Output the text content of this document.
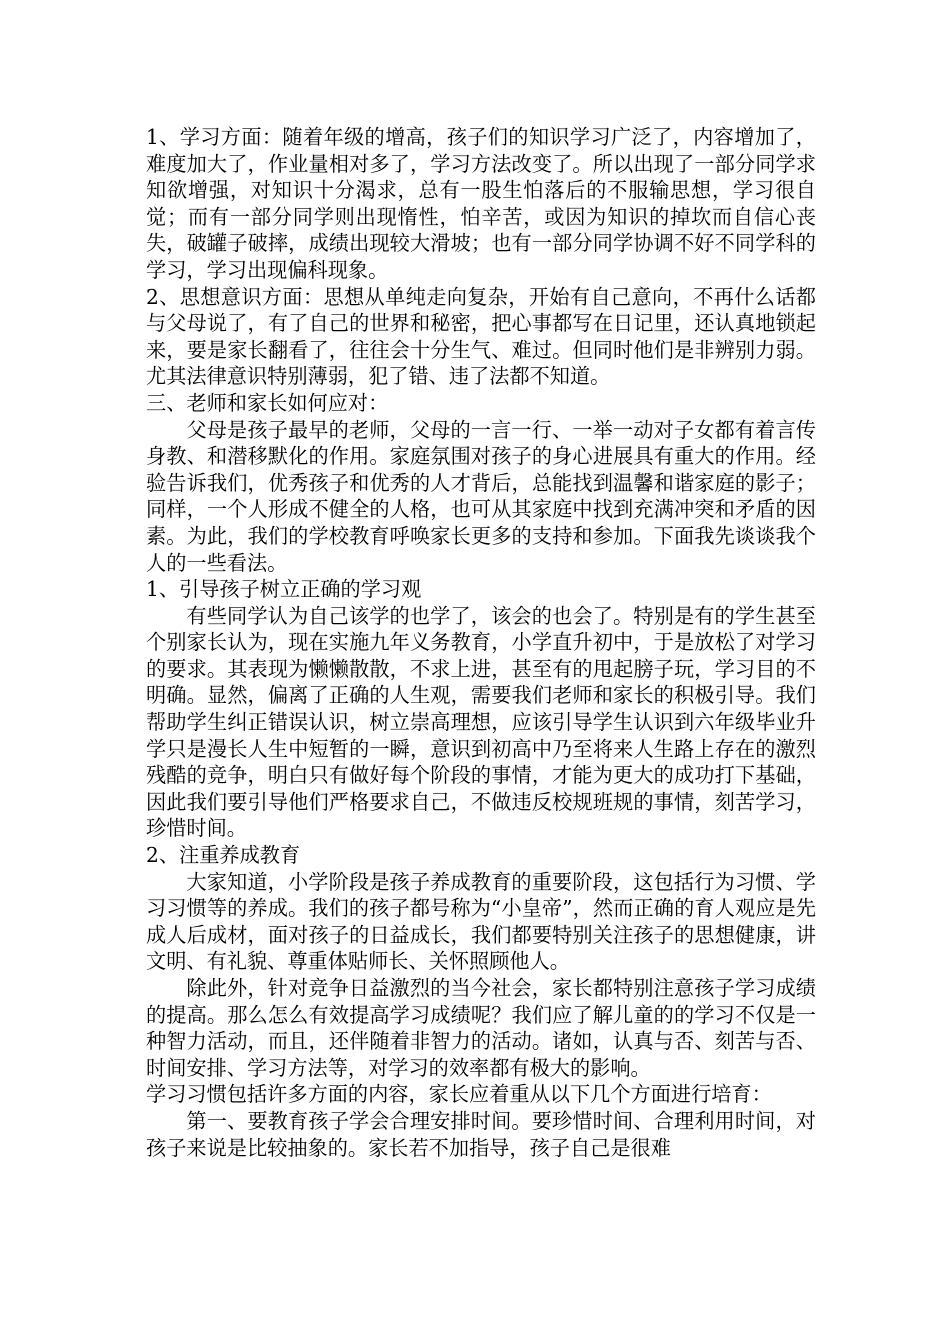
1、学习方面：随着年级的增高，孩子们的知识学习广泛了，内容增加了，难度加大了，作业量相对多了，学习方法改变了。所以出现了一部分同学求知欲增强，对知识十分渴求，总有一股生怕落后的不服输思想，学习很自觉；而有一部分同学则出现惰性，怕辛苦，或因为知识的掉坎而自信心丧失，破罐子破摔，成绩出现较大滑坡；也有一部分同学协调不好不同学科的学习，学习出现偏科现象。

2、思想意识方面：思想从单纯走向复杂，开始有自己意向，不再什么话都与父母说了，有了自己的世界和秘密，把心事都写在日记里，还认真地锁起来，要是家长翻看了，往往会十分生气、难过。但同时他们是非辨别力弱。尤其法律意识特别薄弱，犯了错、违了法都不知道。

三、老师和家长如何应对：

父母是孩子最早的老师，父母的一言一行、一举一动对子女都有着言传身教、和潜移默化的作用。家庭氛围对孩子的身心进展具有重大的作用。经验告诉我们，优秀孩子和优秀的人才背后，总能找到温馨和谐家庭的影子；同样，一个人形成不健全的人格，也可从其家庭中找到充满冲突和矛盾的因素。为此，我们的学校教育呼唤家长更多的支持和参加。下面我先谈谈我个人的一些看法。

1、引导孩子树立正确的学习观

有些同学认为自己该学的也学了，该会的也会了。特别是有的学生甚至个别家长认为，现在实施九年义务教育，小学直升初中，于是放松了对学习的要求。其表现为懒懒散散，不求上进，甚至有的甩起膀子玩，学习目的不明确。显然，偏离了正确的人生观，需要我们老师和家长的积极引导。我们帮助学生纠正错误认识，树立崇高理想，应该引导学生认识到六年级毕业升学只是漫长人生中短暂的一瞬，意识到初高中乃至将来人生路上存在的激烈残酷的竞争，明白只有做好每个阶段的事情，才能为更大的成功打下基础，因此我们要引导他们严格要求自己，不做违反校规班规的事情，刻苦学习，珍惜时间。

2、注重养成教育

大家知道，小学阶段是孩子养成教育的重要阶段，这包括行为习惯、学习习惯等的养成。我们的孩子都号称为“小皇帝”，然而正确的育人观应是先成人后成材，面对孩子的日益成长，我们都要特别关注孩子的思想健康，讲文明、有礼貌、尊重体贴师长、关怀照顾他人。

除此外，针对竞争日益激烈的当今社会，家长都特别注意孩子学习成绩的提高。那么怎么有效提高学习成绩呢？我们应了解儿童的的学习不仅是一种智力活动，而且，还伴随着非智力的活动。诸如，认真与否、刻苦与否、时间安排、学习方法等，对学习的效率都有极大的影响。

学习习惯包括许多方面的内容，家长应着重从以下几个方面进行培育：

第一、要教育孩子学会合理安排时间。要珍惜时间、合理利用时间，对孩子来说是比较抽象的。家长若不加指导，孩子自己是很难
